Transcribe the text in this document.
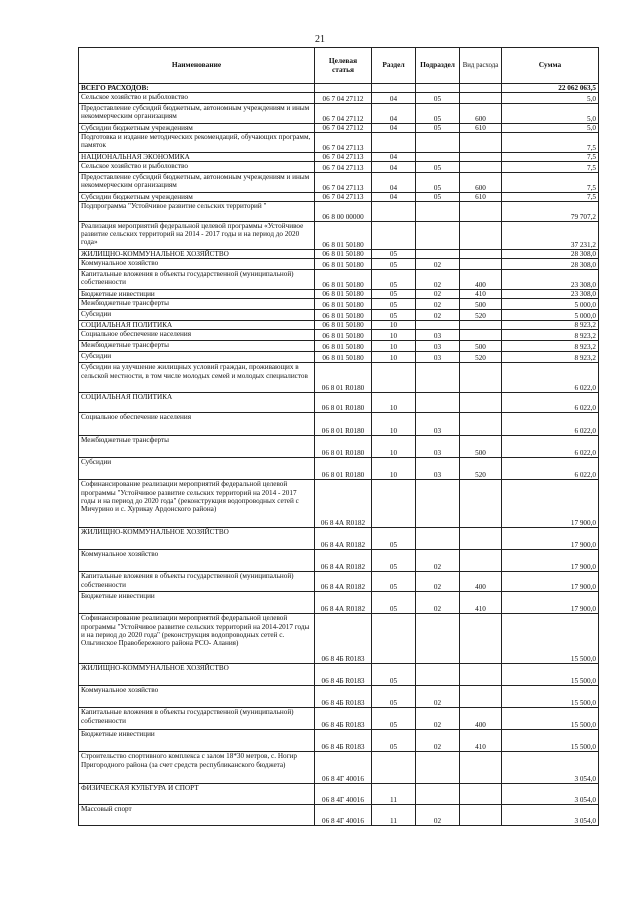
21
Наименование	Целевая статья	Раздел	Подраздел	Вид расхода	Сумма
ВСЕГО РАСХОДОВ:					22 062 063,5
Сельское хозяйство и рыболовство	06 7 04 27112	04	05		5,0
Предоставление субсидий бюджетным, автономным учреждениям и иным некоммерческим организациям	06 7 04 27112	04	05	600	5,0
Субсидии бюджетным учреждениям	06 7 04 27112	04	05	610	5,0
Подготовка и издание методических рекомендаций, обучающих программ, памяток	06 7 04 27113				7,5
НАЦИОНАЛЬНАЯ ЭКОНОМИКА	06 7 04 27113	04			7,5
Сельское хозяйство и рыболовство	06 7 04 27113	04	05		7,5
Предоставление субсидий бюджетным, автономным учреждениям и иным некоммерческим организациям	06 7 04 27113	04	05	600	7,5
Субсидии бюджетным учреждениям	06 7 04 27113	04	05	610	7,5
Подпрограмма "Устойчивое развитие сельских территорий "	06 8 00 00000				79 707,2
Реализация мероприятий федеральной целевой программы «Устойчивое развитие сельских территорий на 2014 - 2017 годы и на период до 2020 года»	06 8 01 50180				37 231,2
ЖИЛИЩНО-КОММУНАЛЬНОЕ ХОЗЯЙСТВО	06 8 01 50180	05			28 308,0
Коммунальное хозяйство	06 8 01 50180	05	02		28 308,0
Капитальные вложения в объекты государственной (муниципальной) собственности	06 8 01 50180	05	02	400	23 308,0
Бюджетные инвестиции	06 8 01 50180	05	02	410	23 308,0
Межбюджетные трансферты	06 8 01 50180	05	02	500	5 000,0
Субсидии	06 8 01 50180	05	02	520	5 000,0
СОЦИАЛЬНАЯ ПОЛИТИКА	06 8 01 50180	10			8 923,2
Социальное обеспечение населения	06 8 01 50180	10	03		8 923,2
Межбюджетные трансферты	06 8 01 50180	10	03	500	8 923,2
Субсидии	06 8 01 50180	10	03	520	8 923,2
Субсидии на улучшение жилищных условий граждан, проживающих в сельской местности, в том числе молодых семей и молодых специалистов	06 8 01 R0180				6 022,0
СОЦИАЛЬНАЯ ПОЛИТИКА	06 8 01 R0180	10			6 022,0
Социальное обеспечение населения	06 8 01 R0180	10	03		6 022,0
Межбюджетные трансферты	06 8 01 R0180	10	03	500	6 022,0
Субсидии	06 8 01 R0180	10	03	520	6 022,0
Софинансирование реализации мероприятий федеральной целевой программы "Устойчивое развитие сельских территорий на 2014 - 2017 годы и на период до 2020 года" (реконструкция водопроводных сетей с Мичурино и с. Хурикау Ардонского района)	06 8 4А R0182				17 900,0
ЖИЛИЩНО-КОММУНАЛЬНОЕ ХОЗЯЙСТВО	06 8 4А R0182	05			17 900,0
Коммунальное хозяйство	06 8 4А R0182	05	02		17 900,0
Капитальные вложения в объекты государственной (муниципальной) собственности	06 8 4А R0182	05	02	400	17 900,0
Бюджетные инвестиции	06 8 4А R0182	05	02	410	17 900,0
Софинансирование реализации мероприятий федеральной целевой программы "Устойчивое развитие сельских территорий на 2014-2017 годы и на период до 2020 года" (реконструкция водопроводных сетей с. Ольгинское Правобережного района РСО- Алания)	06 8 4Б R0183				15 500,0
ЖИЛИЩНО-КОММУНАЛЬНОЕ ХОЗЯЙСТВО	06 8 4Б R0183	05			15 500,0
Коммунальное хозяйство	06 8 4Б R0183	05	02		15 500,0
Капитальные вложения в объекты государственной (муниципальной) собственности	06 8 4Б R0183	05	02	400	15 500,0
Бюджетные инвестиции	06 8 4Б R0183	05	02	410	15 500,0
Строительство спортивного комплекса с залом 18*30 метров, с. Ногир Пригородного района (за счет средств республиканского бюджета)	06 8 4Г 40016				3 054,0
ФИЗИЧЕСКАЯ КУЛЬТУРА И СПОРТ	06 8 4Г 40016	11			3 054,0
Массовый спорт	06 8 4Г 40016	11	02		3 054,0
